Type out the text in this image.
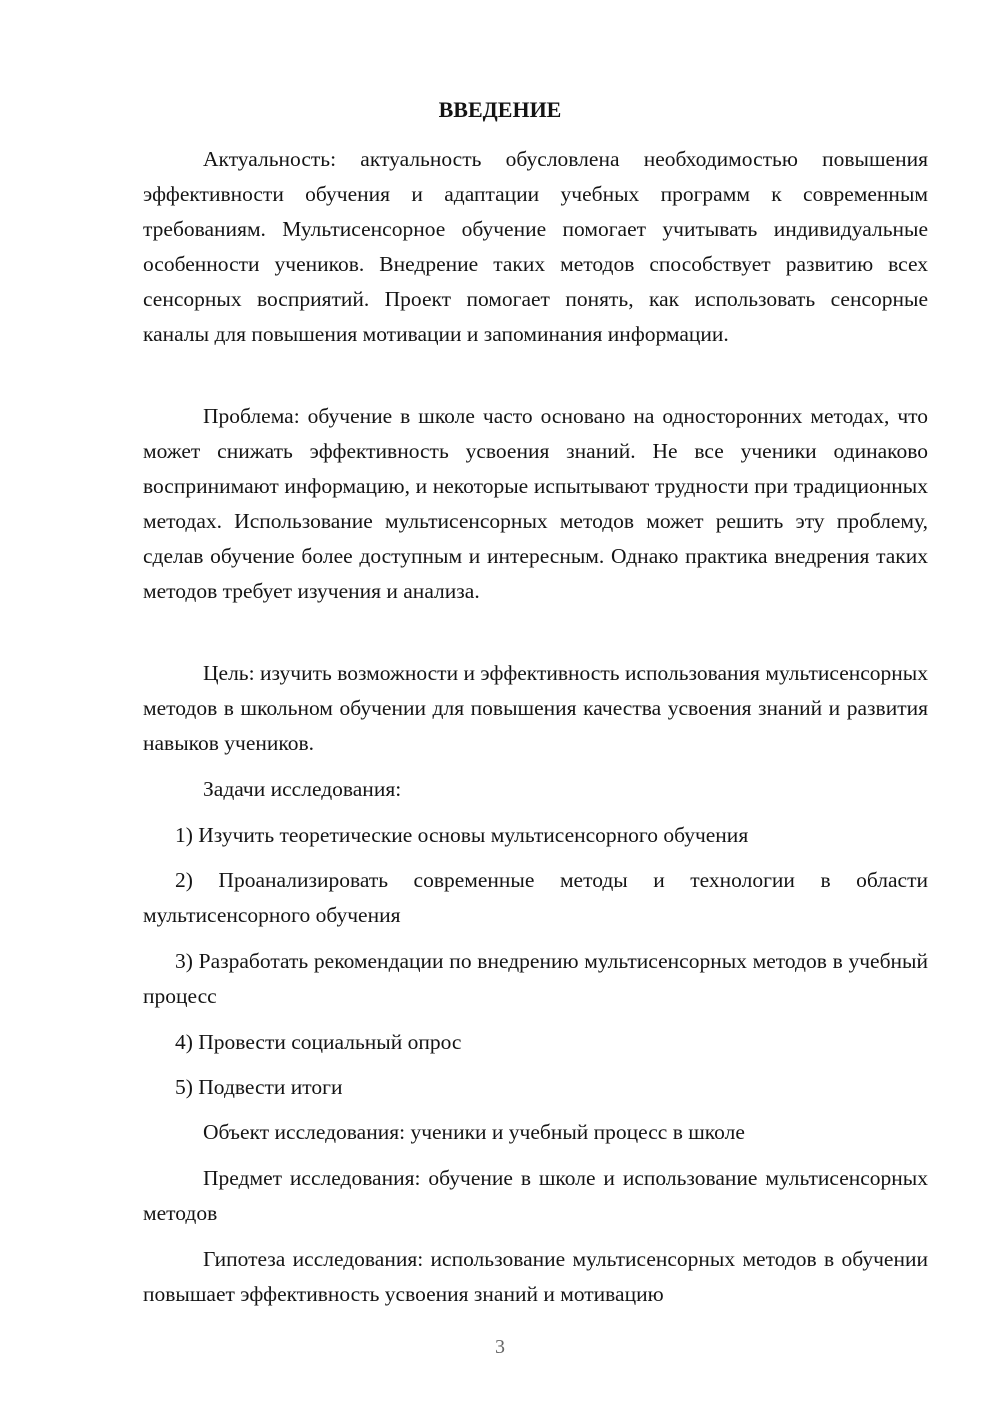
ВВЕДЕНИЕ

Актуальность: актуальность обусловлена необходимостью повышения эффективности обучения и адаптации учебных программ к современным требованиям. Мультисенсорное обучение помогает учитывать индивидуальные особенности учеников. Внедрение таких методов способствует развитию всех сенсорных восприятий. Проект помогает понять, как использовать сенсорные каналы для повышения мотивации и запоминания информации.

Проблема: обучение в школе часто основано на односторонних методах, что может снижать эффективность усвоения знаний. Не все ученики одинаково воспринимают информацию, и некоторые испытывают трудности при традиционных методах. Использование мультисенсорных методов может решить эту проблему, сделав обучение более доступным и интересным. Однако практика внедрения таких методов требует изучения и анализа.

Цель: изучить возможности и эффективность использования мультисенсорных методов в школьном обучении для повышения качества усвоения знаний и развития навыков учеников.

Задачи исследования:

1) Изучить теоретические основы мультисенсорного обучения

2) Проанализировать современные методы и технологии в области мультисенсорного обучения

3) Разработать рекомендации по внедрению мультисенсорных методов в учебный процесс

4) Провести социальный опрос

5) Подвести итоги

Объект исследования: ученики и учебный процесс в школе

Предмет исследования: обучение в школе и использование мультисенсорных методов

Гипотеза исследования: использование мультисенсорных методов в обучении повышает эффективность усвоения знаний и мотивацию

3
